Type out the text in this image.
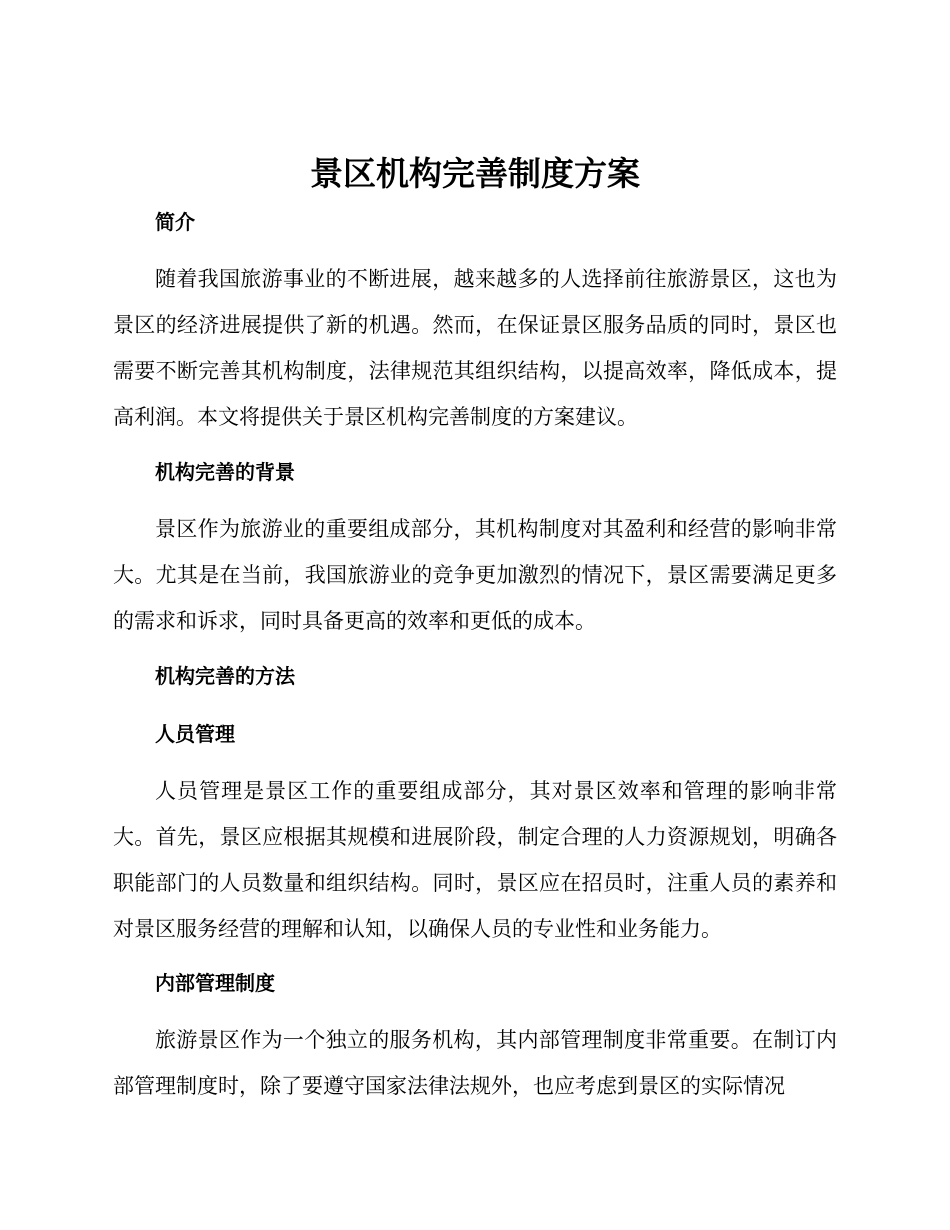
景区机构完善制度方案
简介

随着我国旅游事业的不断进展，越来越多的人选择前往旅游景区，这也为景区的经济进展提供了新的机遇。然而，在保证景区服务品质的同时，景区也需要不断完善其机构制度，法律规范其组织结构，以提高效率，降低成本，提高利润。本文将提供关于景区机构完善制度的方案建议。

机构完善的背景

景区作为旅游业的重要组成部分，其机构制度对其盈利和经营的影响非常大。尤其是在当前，我国旅游业的竞争更加激烈的情况下，景区需要满足更多的需求和诉求，同时具备更高的效率和更低的成本。

机构完善的方法
人员管理

人员管理是景区工作的重要组成部分，其对景区效率和管理的影响非常大。首先，景区应根据其规模和进展阶段，制定合理的人力资源规划，明确各职能部门的人员数量和组织结构。同时，景区应在招员时，注重人员的素养和对景区服务经营的理解和认知，以确保人员的专业性和业务能力。

内部管理制度

旅游景区作为一个独立的服务机构，其内部管理制度非常重要。在制订内部管理制度时，除了要遵守国家法律法规外，也应考虑到景区的实际情况
